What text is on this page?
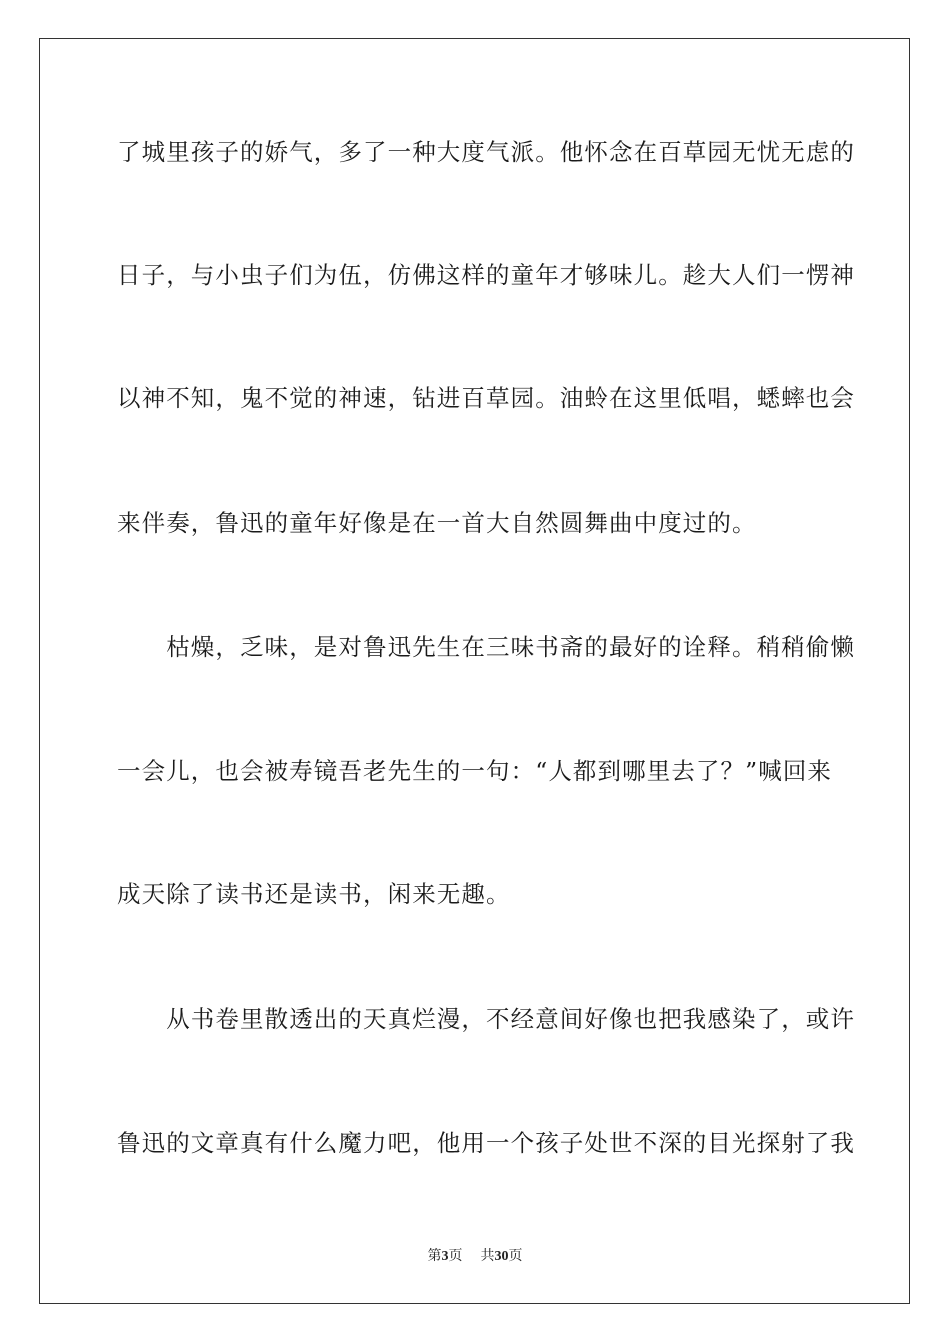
了城里孩子的娇气，多了一种大度气派。他怀念在百草园无忧无虑的
日子，与小虫子们为伍，仿佛这样的童年才够味儿。趁大人们一愣神
以神不知，鬼不觉的神速，钻进百草园。油蛉在这里低唱，蟋蟀也会
来伴奏，鲁迅的童年好像是在一首大自然圆舞曲中度过的。
　　枯燥，乏味，是对鲁迅先生在三味书斋的最好的诠释。稍稍偷懒
一会儿，也会被寿镜吾老先生的一句：“人都到哪里去了？”喊回来
成天除了读书还是读书，闲来无趣。
　　从书卷里散透出的天真烂漫，不经意间好像也把我感染了，或许
鲁迅的文章真有什么魔力吧，他用一个孩子处世不深的目光探射了我
第3页 共30页
